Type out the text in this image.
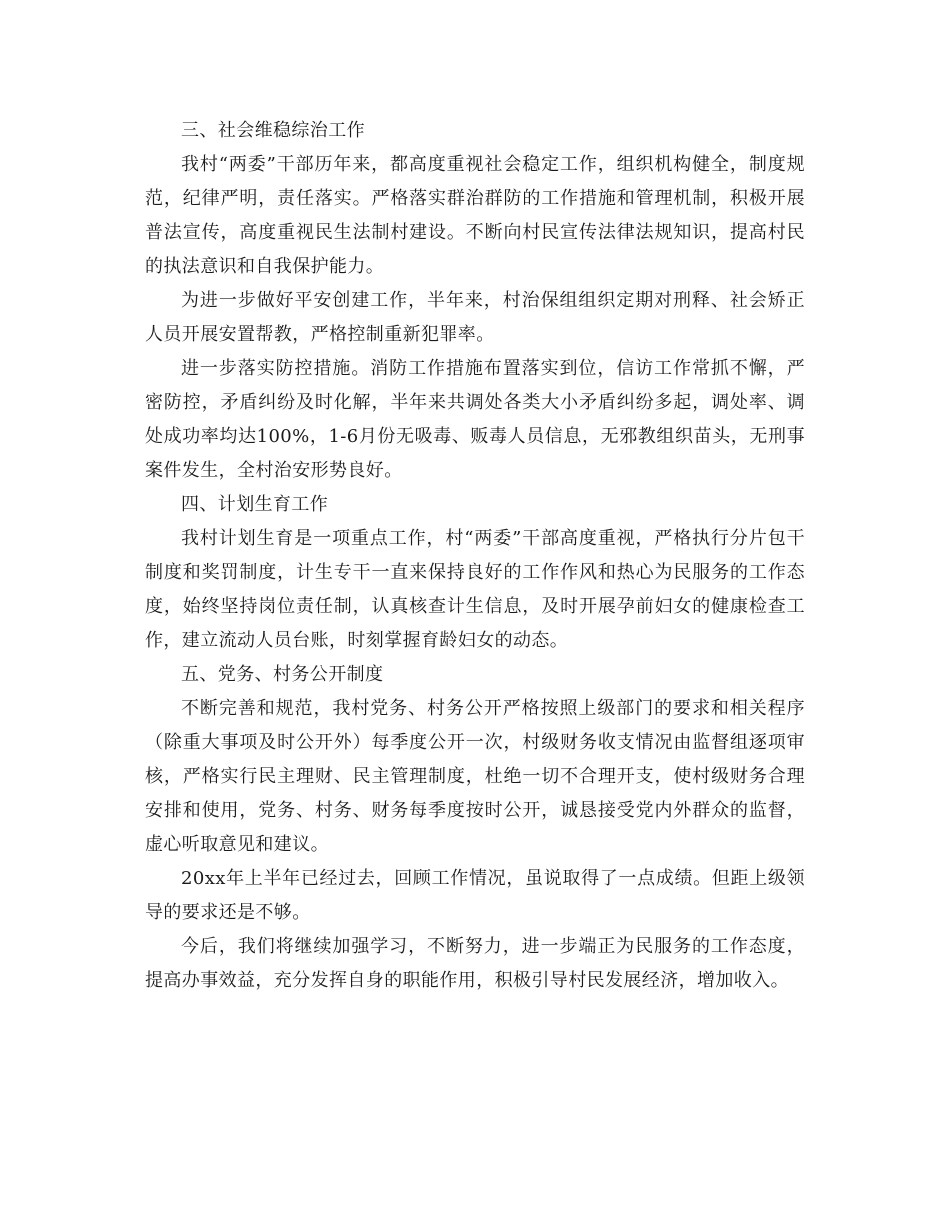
三、社会维稳综治工作

我村“两委”干部历年来，都高度重视社会稳定工作，组织机构健全，制度规范，纪律严明，责任落实。严格落实群治群防的工作措施和管理机制，积极开展普法宣传，高度重视民生法制村建设。不断向村民宣传法律法规知识，提高村民的执法意识和自我保护能力。

为进一步做好平安创建工作，半年来，村治保组组织定期对刑释、社会矫正人员开展安置帮教，严格控制重新犯罪率。

进一步落实防控措施。消防工作措施布置落实到位，信访工作常抓不懈，严密防控，矛盾纠纷及时化解，半年来共调处各类大小矛盾纠纷多起，调处率、调处成功率均达100%，1-6月份无吸毒、贩毒人员信息，无邪教组织苗头，无刑事案件发生，全村治安形势良好。

四、计划生育工作

我村计划生育是一项重点工作，村“两委”干部高度重视，严格执行分片包干制度和奖罚制度，计生专干一直来保持良好的工作作风和热心为民服务的工作态度，始终坚持岗位责任制，认真核查计生信息，及时开展孕前妇女的健康检查工作，建立流动人员台账，时刻掌握育龄妇女的动态。

五、党务、村务公开制度

不断完善和规范，我村党务、村务公开严格按照上级部门的要求和相关程序（除重大事项及时公开外）每季度公开一次，村级财务收支情况由监督组逐项审核，严格实行民主理财、民主管理制度，杜绝一切不合理开支，使村级财务合理安排和使用，党务、村务、财务每季度按时公开，诚恳接受党内外群众的监督，虚心听取意见和建议。

20xx年上半年已经过去，回顾工作情况，虽说取得了一点成绩。但距上级领导的要求还是不够。

今后，我们将继续加强学习，不断努力，进一步端正为民服务的工作态度，提高办事效益，充分发挥自身的职能作用，积极引导村民发展经济，增加收入。
